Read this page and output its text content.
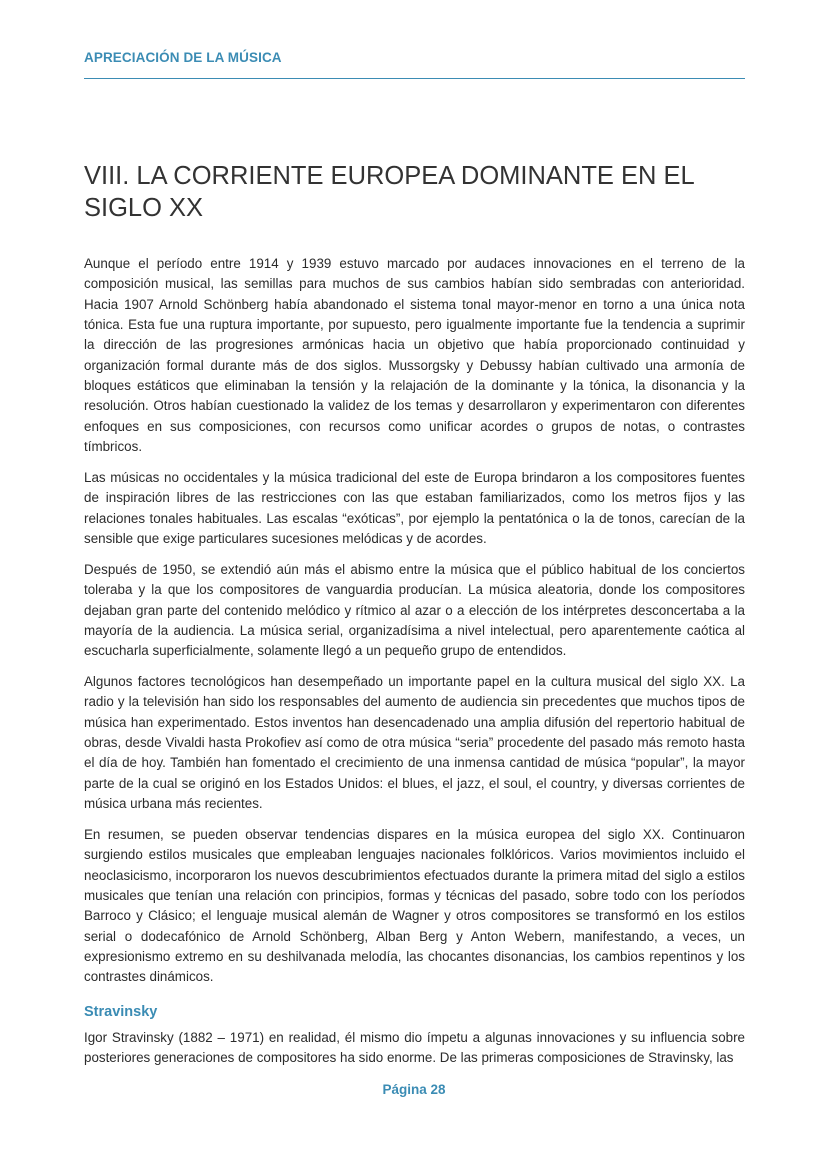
APRECIACIÓN DE LA MÚSICA
VIII. LA CORRIENTE EUROPEA DOMINANTE EN EL SIGLO XX

Aunque el período entre 1914 y 1939 estuvo marcado por audaces innovaciones en el terreno de la composición musical, las semillas para muchos de sus cambios habían sido sembradas con anterioridad. Hacia 1907 Arnold Schönberg había abandonado el sistema tonal mayor-menor en torno a una única nota tónica. Esta fue una ruptura importante, por supuesto, pero igualmente importante fue la tendencia a suprimir la dirección de las progresiones armónicas hacia un objetivo que había proporcionado continuidad y organización formal durante más de dos siglos. Mussorgsky y Debussy habían cultivado una armonía de bloques estáticos que eliminaban la tensión y la relajación de la dominante y la tónica, la disonancia y la resolución. Otros habían cuestionado la validez de los temas y desarrollaron y experimentaron con diferentes enfoques en sus composiciones, con recursos como unificar acordes o grupos de notas, o contrastes tímbricos.

Las músicas no occidentales y la música tradicional del este de Europa brindaron a los compositores fuentes de inspiración libres de las restricciones con las que estaban familiarizados, como los metros fijos y las relaciones tonales habituales. Las escalas “exóticas”, por ejemplo la pentatónica o la de tonos, carecían de la sensible que exige particulares sucesiones melódicas y de acordes.

Después de 1950, se extendió aún más el abismo entre la música que el público habitual de los conciertos toleraba y la que los compositores de vanguardia producían. La música aleatoria, donde los compositores dejaban gran parte del contenido melódico y rítmico al azar o a elección de los intérpretes desconcertaba a la mayoría de la audiencia. La música serial, organizadísima a nivel intelectual, pero aparentemente caótica al escucharla superficialmente, solamente llegó a un pequeño grupo de entendidos.

Algunos factores tecnológicos han desempeñado un importante papel en la cultura musical del siglo XX. La radio y la televisión han sido los responsables del aumento de audiencia sin precedentes que muchos tipos de música han experimentado. Estos inventos han desencadenado una amplia difusión del repertorio habitual de obras, desde Vivaldi hasta Prokofiev así como de otra música “seria” procedente del pasado más remoto hasta el día de hoy. También han fomentado el crecimiento de una inmensa cantidad de música “popular”, la mayor parte de la cual se originó en los Estados Unidos: el blues, el jazz, el soul, el country, y diversas corrientes de música urbana más recientes.

En resumen, se pueden observar tendencias dispares en la música europea del siglo XX. Continuaron surgiendo estilos musicales que empleaban lenguajes nacionales folklóricos. Varios movimientos incluido el neoclasicismo, incorporaron los nuevos descubrimientos efectuados durante la primera mitad del siglo a estilos musicales que tenían una relación con principios, formas y técnicas del pasado, sobre todo con los períodos Barroco y Clásico; el lenguaje musical alemán de Wagner y otros compositores se transformó en los estilos serial o dodecafónico de Arnold Schönberg, Alban Berg y Anton Webern, manifestando, a veces, un expresionismo extremo en su deshilvanada melodía, las chocantes disonancias, los cambios repentinos y los contrastes dinámicos.

Stravinsky

Igor Stravinsky (1882 – 1971) en realidad, él mismo dio ímpetu a algunas innovaciones y su influencia sobre posteriores generaciones de compositores ha sido enorme. De las primeras composiciones de Stravinsky, las

Página 28
